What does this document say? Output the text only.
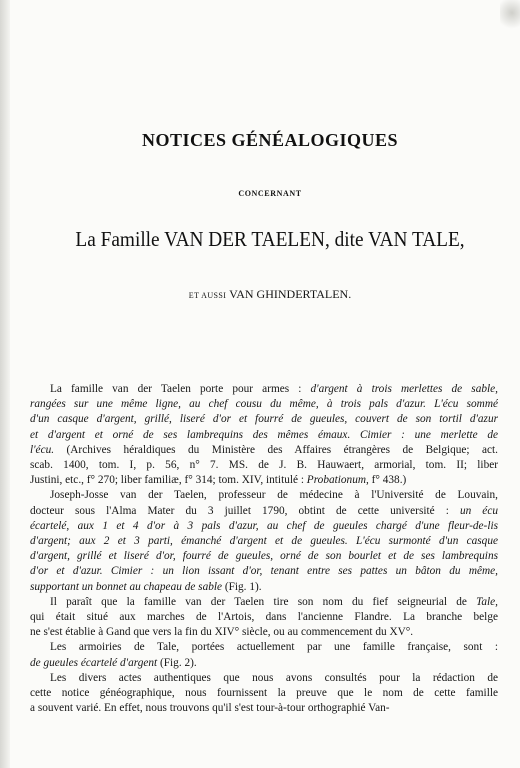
NOTICES GÉNÉALOGIQUES
CONCERNANT
La Famille VAN DER TAELEN, dite VAN TALE,
ET AUSSI VAN GHINDERTALEN.
La famille van der Taelen porte pour armes : d'argent à trois merlettes de sable,
rangées sur une même ligne, au chef cousu du même, à trois pals d'azur. L'écu sommé
d'un casque d'argent, grillé, liseré d'or et fourré de gueules, couvert de son tortil d'azur
et d'argent et orné de ses lambrequins des mêmes émaux. Cimier : une merlette de
l'écu. (Archives héraldiques du Ministère des Affaires étrangères de Belgique; act.
scab. 1400, tom. I, p. 56, n° 7. MS. de J. B. Hauwaert, armorial, tom. II; liber
Justini, etc., f° 270; liber familiæ, f° 314; tom. XIV, intitulé : Probationum, f° 438.)
Joseph-Josse van der Taelen, professeur de médecine à l'Université de Louvain,
docteur sous l'Alma Mater du 3 juillet 1790, obtint de cette université : un écu
écartelé, aux 1 et 4 d'or à 3 pals d'azur, au chef de gueules chargé d'une fleur-de-lis
d'argent; aux 2 et 3 parti, émanché d'argent et de gueules. L'écu surmonté d'un casque
d'argent, grillé et liseré d'or, fourré de gueules, orné de son bourlet et de ses lambrequins
d'or et d'azur. Cimier : un lion issant d'or, tenant entre ses pattes un bâton du même,
supportant un bonnet au chapeau de sable (Fig. 1).
Il paraît que la famille van der Taelen tire son nom du fief seigneurial de Tale,
qui était situé aux marches de l'Artois, dans l'ancienne Flandre. La branche belge
ne s'est établie à Gand que vers la fin du XIV° siècle, ou au commencement du XV°.
Les armoiries de Tale, portées actuellement par une famille française, sont :
de gueules écartelé d'argent (Fig. 2).
Les divers actes authentiques que nous avons consultés pour la rédaction de
cette notice généographique, nous fournissent la preuve que le nom de cette famille
a souvent varié. En effet, nous trouvons qu'il s'est tour-à-tour orthographié Van-
